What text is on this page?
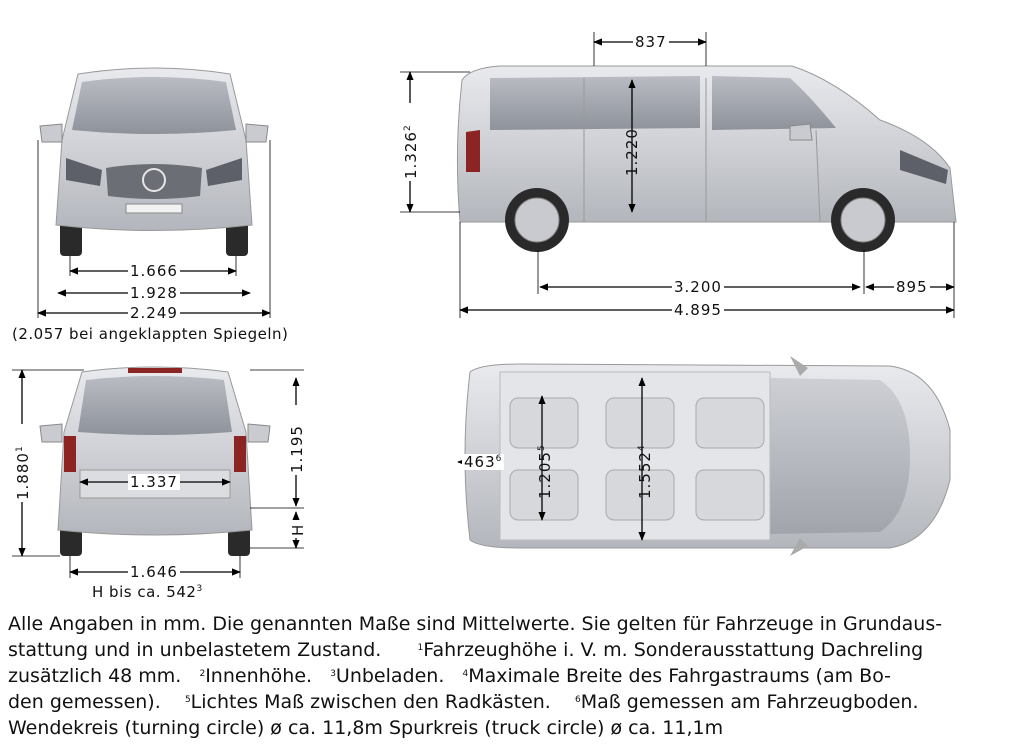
1.666
1.928
2.249
(2.057 bei angeklappten Spiegeln)
837
1.326$^2$
1.220
3.200	895
4.895
1.880$^1$	1.195
H
1.337
1.646
H bis ca. $542^3$
$463^6$ 1.205$^5$
1.552$^4$

Alle Angaben in mm. Die genannten Maße sind Mittelwerte. Sie gelten für Fahrzeuge in Grundaus-

stattung und in unbelastetem Zustand.	$^1$Fahrzeughöhe i. V. m. Sonderausstattung Dachreling

zusätzlich 48 mm. $^2$Innenhöhe. $^3$Unbeladen. $^4$Maximale Breite des Fahrgastraums (am Bo-

den gemessen).	$^5$Lichtes Maß zwischen den Radkästen.	$^6$Maß gemessen am Fahrzeugboden.

Wendekreis (turning circle) ø ca. 11,8m Spurkreis (truck circle) ø ca. 11,1m
